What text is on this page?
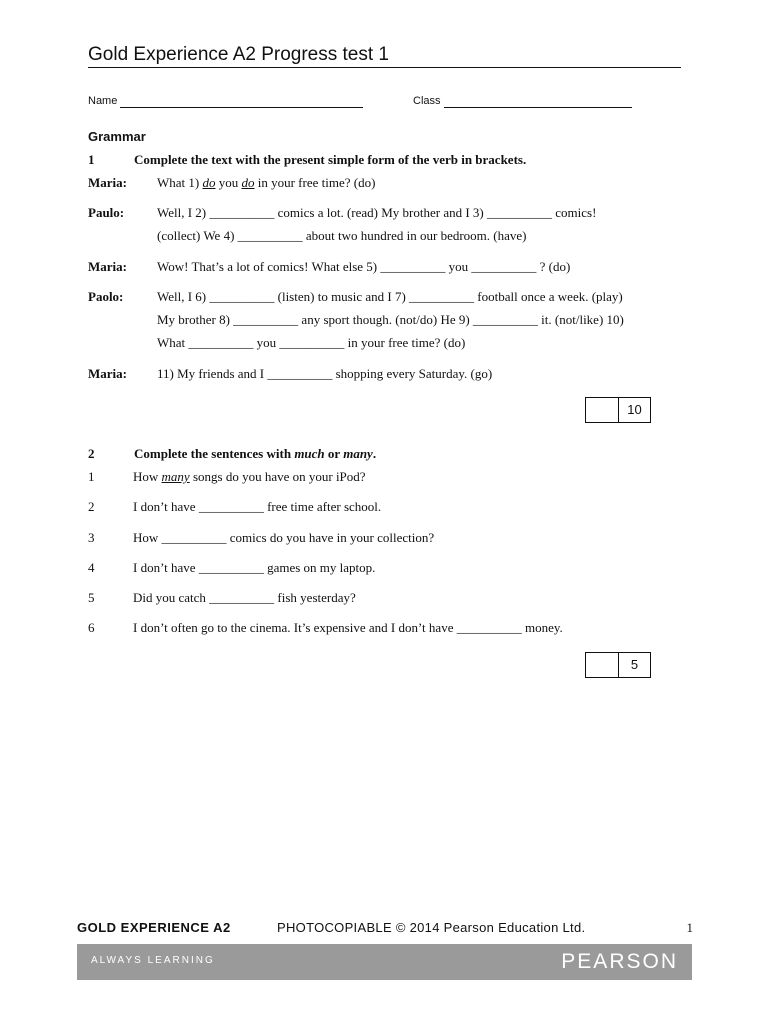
Gold Experience A2 Progress test 1
Name	Class
Grammar
1	Complete the text with the present simple form of the verb in brackets.
Maria: What 1) do you do in your free time? (do)
Paulo:	Well, I 2) __________ comics a lot. (read) My brother and I 3) __________ comics!
(collect) We 4) __________ about two hundred in our bedroom. (have)
Maria: Wow! That’s a lot of comics! What else 5) __________ you __________ ? (do)
Paolo:	Well, I 6) __________ (listen) to music and I 7) __________ football once a week. (play)
My brother 8) __________ any sport though. (not/do) He 9) __________ it. (not/like) 10)
What __________ you __________ in your free time? (do)
Maria: 11) My friends and I __________ shopping every Saturday. (go)
10
2	Complete the sentences with much or many.
1	How many songs do you have on your iPod?
2	I don’t have __________ free time after school.
3	How __________ comics do you have in your collection?
4	I don’t have __________ games on my laptop.
5	Did you catch __________ fish yesterday?
6	I don’t often go to the cinema. It’s expensive and I don’t have __________ money.
5
GOLD EXPERIENCE A2	PHOTOCOPIABLE © 2014 Pearson Education Ltd.	1
ALWAYS LEARNING	PEARSON
